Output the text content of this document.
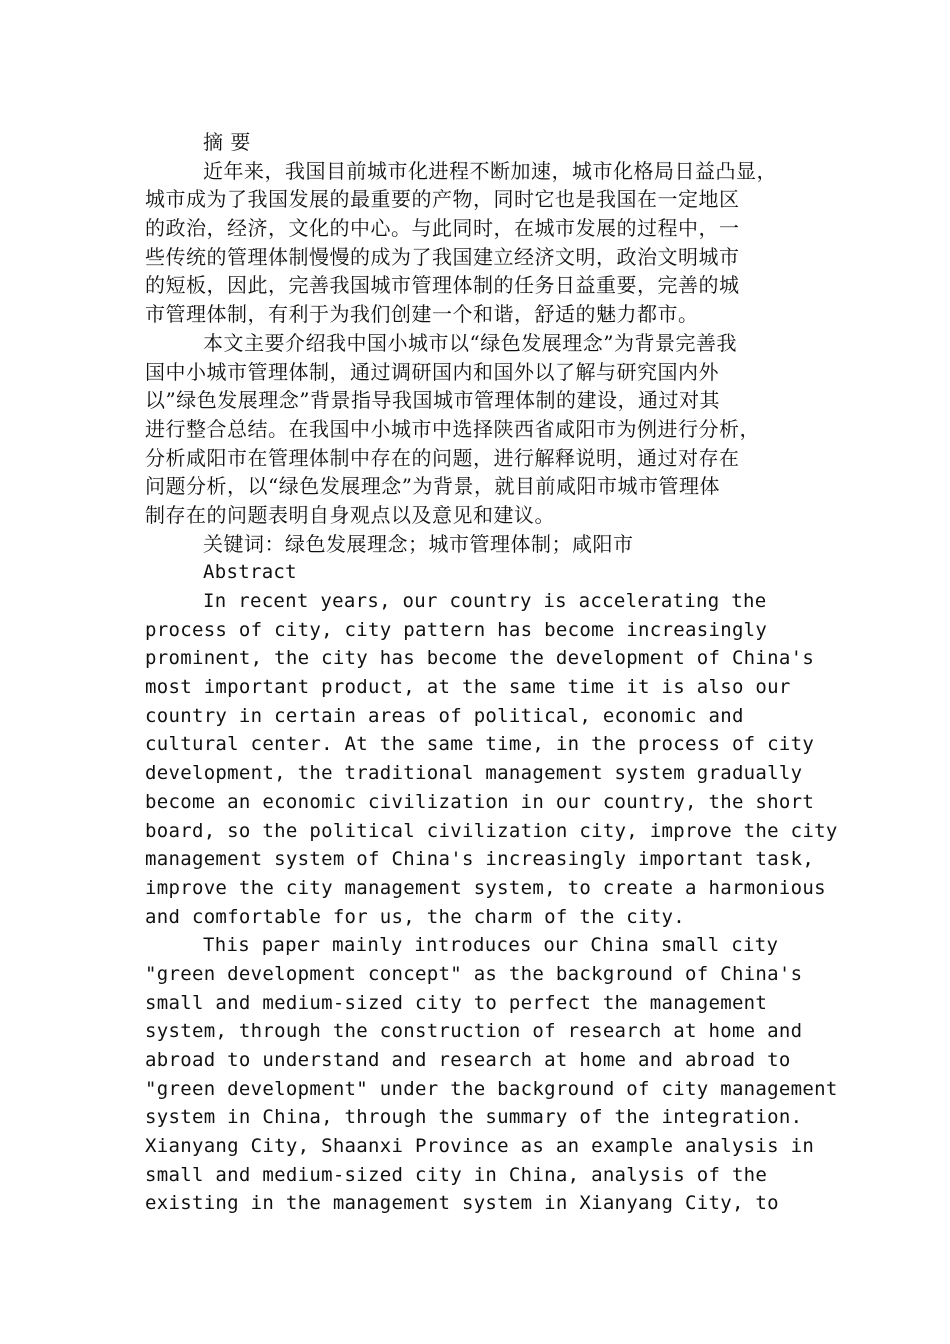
摘 要
近年来，我国目前城市化进程不断加速，城市化格局日益凸显，
城市成为了我国发展的最重要的产物，同时它也是我国在一定地区
的政治，经济，文化的中心。与此同时，在城市发展的过程中，一
些传统的管理体制慢慢的成为了我国建立经济文明，政治文明城市
的短板，因此，完善我国城市管理体制的任务日益重要，完善的城
市管理体制，有利于为我们创建一个和谐，舒适的魅力都市。
本文主要介绍我中国小城市以“绿色发展理念”为背景完善我
国中小城市管理体制，通过调研国内和国外以了解与研究国内外
以”绿色发展理念”背景指导我国城市管理体制的建设，通过对其
进行整合总结。在我国中小城市中选择陕西省咸阳市为例进行分析，
分析咸阳市在管理体制中存在的问题，进行解释说明，通过对存在
问题分析，以“绿色发展理念”为背景，就目前咸阳市城市管理体
制存在的问题表明自身观点以及意见和建议。
关键词：绿色发展理念；城市管理体制；咸阳市
Abstract
In recent years, our country is accelerating the
process of city, city pattern has become increasingly
prominent, the city has become the development of China's
most important product, at the same time it is also our
country in certain areas of political, economic and
cultural center. At the same time, in the process of city
development, the traditional management system gradually
become an economic civilization in our country, the short
board, so the political civilization city, improve the city
management system of China's increasingly important task,
improve the city management system, to create a harmonious
and comfortable for us, the charm of the city.
This paper mainly introduces our China small city
"green development concept" as the background of China's
small and medium-sized city to perfect the management
system, through the construction of research at home and
abroad to understand and research at home and abroad to
"green development" under the background of city management
system in China, through the summary of the integration.
Xianyang City, Shaanxi Province as an example analysis in
small and medium-sized city in China, analysis of the
existing in the management system in Xianyang City, to
